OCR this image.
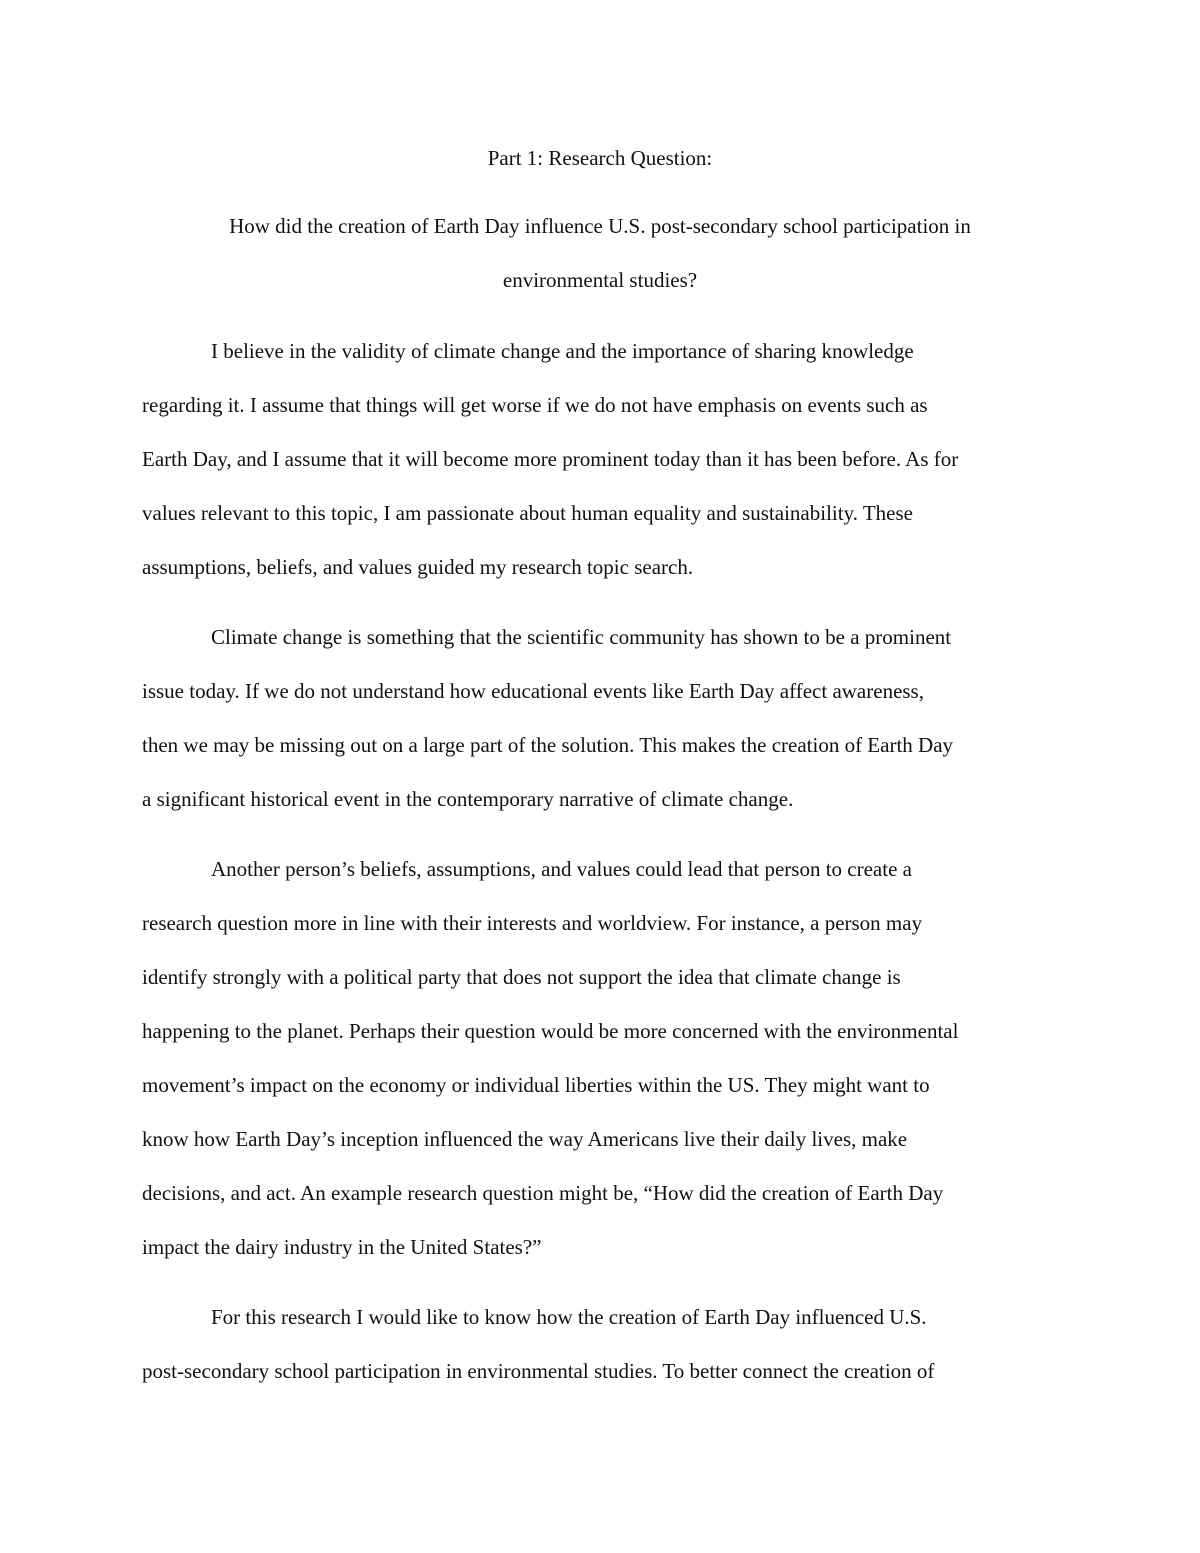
Part 1: Research Question:
How did the creation of Earth Day influence U.S. post-secondary school participation in
environmental studies?
I believe in the validity of climate change and the importance of sharing knowledge
regarding it. I assume that things will get worse if we do not have emphasis on events such as
Earth Day, and I assume that it will become more prominent today than it has been before. As for
values relevant to this topic, I am passionate about human equality and sustainability. These
assumptions, beliefs, and values guided my research topic search.
Climate change is something that the scientific community has shown to be a prominent
issue today. If we do not understand how educational events like Earth Day affect awareness,
then we may be missing out on a large part of the solution. This makes the creation of Earth Day
a significant historical event in the contemporary narrative of climate change.
Another person’s beliefs, assumptions, and values could lead that person to create a
research question more in line with their interests and worldview. For instance, a person may
identify strongly with a political party that does not support the idea that climate change is
happening to the planet. Perhaps their question would be more concerned with the environmental
movement’s impact on the economy or individual liberties within the US. They might want to
know how Earth Day’s inception influenced the way Americans live their daily lives, make
decisions, and act. An example research question might be, “How did the creation of Earth Day
impact the dairy industry in the United States?”
For this research I would like to know how the creation of Earth Day influenced U.S.
post-secondary school participation in environmental studies. To better connect the creation of
